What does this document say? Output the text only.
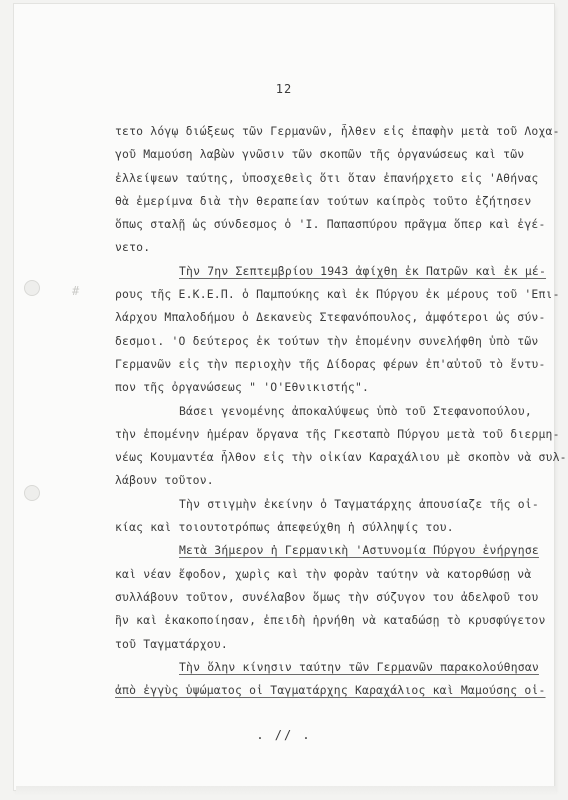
#
12
τετο λόγῳ διώξεως τῶν Γερμανῶν, ἦλθεν εἰς ἐπαφὴν μετὰ τοῦ Λοχα-
γοῦ Μαμούση λαβὼν γνῶσιν τῶν σκοπῶν τῆς ὀργανώσεως καὶ τῶν
ἐλλείψεων ταύτης, ὑποσχεθεὶς ὅτι ὅταν ἐπανήρχετο εἰς 'Αθήνας
θὰ ἐμερίμνα διὰ τὴν θεραπείαν τούτων καίπρὸς τοῦτο ἐζήτησεν
ὅπως σταλῇ ὡς σύνδεσμος ὁ 'Ι. Παπασπύρου πρᾶγμα ὅπερ καὶ ἐγέ-
νετο.
Τὴν 7ην Σεπτεμβρίου 1943 ἀφίχθη ἐκ Πατρῶν καὶ ἐκ μέ-
ρους τῆς Ε.Κ.Ε.Π. ὁ Παμπούκης καὶ ἐκ Πύργου ἐκ μέρους τοῦ 'Επι-
λάρχου Μπαλοδήμου ὁ Δεκανεὺς Στεφανόπουλος, ἀμφότεροι ὡς σύν-
δεσμοι. 'Ο δεύτερος ἐκ τούτων τὴν ἐπομένην συνελήφθη ὑπὸ τῶν
Γερμανῶν εἰς τὴν περιοχὴν τῆς Δίδορας φέρων ἐπ'αὐτοῦ τὸ ἔντυ-
πον τῆς ὀργανώσεως " 'Ο'Εθνικιστής".
Βάσει γενομένης ἀποκαλύψεως ὑπὸ τοῦ Στεφανοπούλου,
τὴν ἐπομένην ἡμέραν ὄργανα τῆς Γκεσταπὸ Πύργου μετὰ τοῦ διερμη-
νέως Κουμαντέα ἦλθον εἰς τὴν οἰκίαν Καραχάλιου μὲ σκοπὸν νὰ συλ-
λάβουν τοῦτον.
Τὴν στιγμὴν ἐκείνην ὁ Ταγματάρχης ἀπουσίαζε τῆς οἰ-
κίας καὶ τοιουτοτρόπως ἀπεφεύχθη ἡ σύλληψίς του.
Μετὰ 3ήμερον ἡ Γερμανικὴ 'Αστυνομία Πύργου ἐνήργησε
καὶ νέαν ἔφοδον, χωρὶς καὶ τὴν φορὰν ταύτην νὰ κατορθώσῃ νὰ
συλλάβουν τοῦτον, συνέλαβον ὅμως τὴν σύζυγον του ἀδελφοῦ του
ἣν καὶ ἐκακοποίησαν, ἐπειδὴ ἠρνήθη νὰ καταδώσῃ τὸ κρυσφύγετον
τοῦ Ταγματάρχου.
Τὴν ὅλην κίνησιν ταύτην τῶν Γερμανῶν παρακολούθησαν
ἀπὸ ἐγγὺς ὑψώματος οἱ Ταγματάρχης Καραχάλιος καὶ Μαμούσης οἱ-
. // .
